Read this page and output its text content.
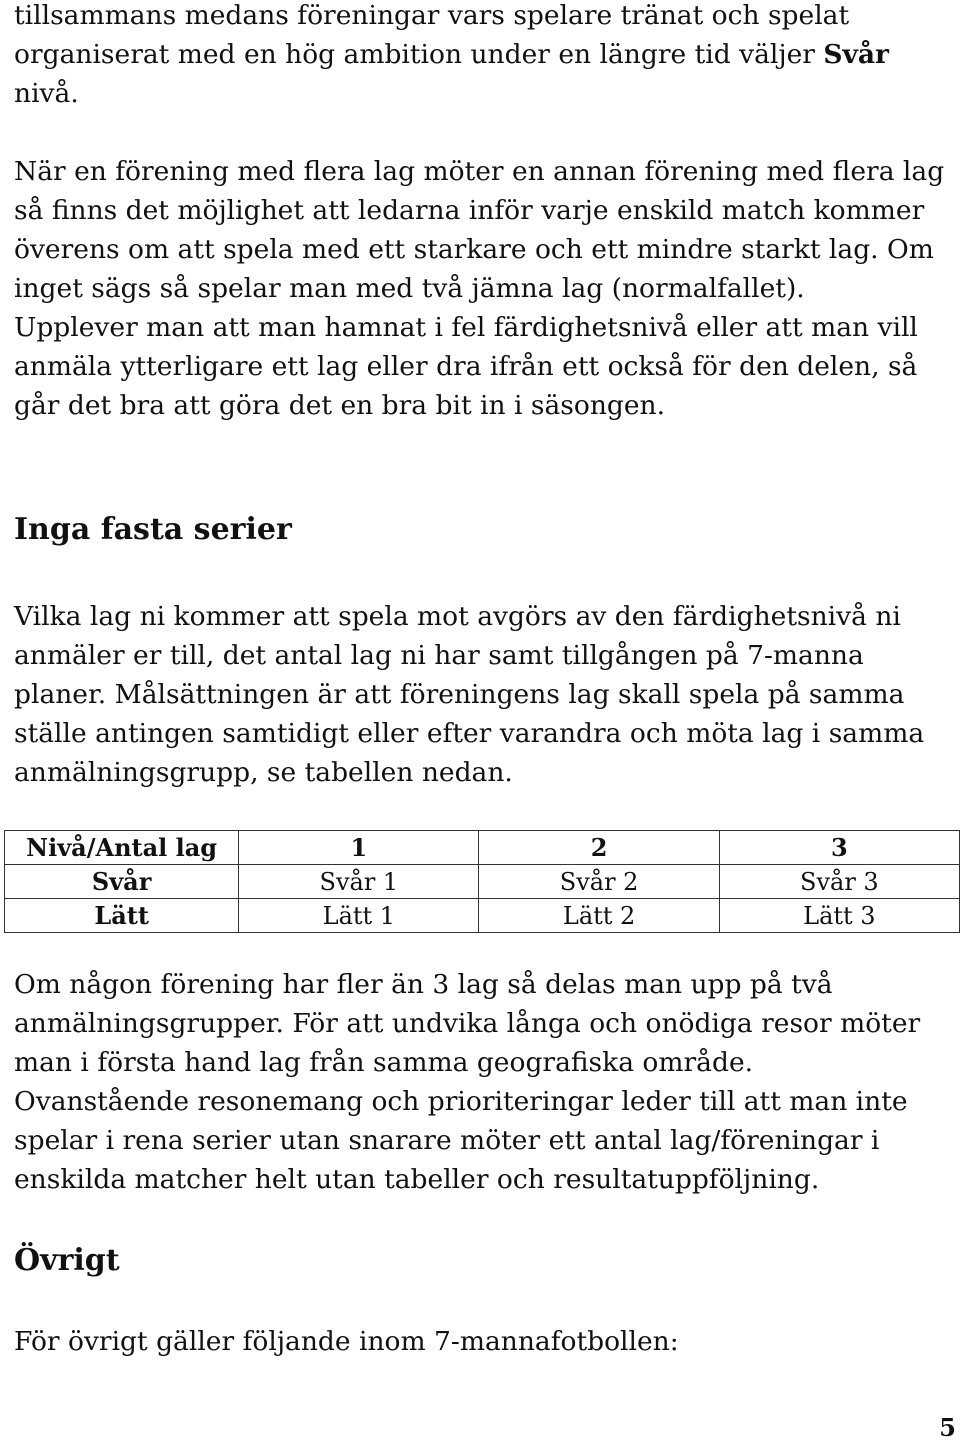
tillsammans medans föreningar vars spelare tränat och spelat organiserat med en hög ambition under en längre tid väljer Svår nivå.

När en förening med flera lag möter en annan förening med flera lag så finns det möjlighet att ledarna inför varje enskild match kommer överens om att spela med ett starkare och ett mindre starkt lag. Om inget sägs så spelar man med två jämna lag (normalfallet).
Upplever man att man hamnat i fel färdighetsnivå eller att man vill anmäla ytterligare ett lag eller dra ifrån ett också för den delen, så går det bra att göra det en bra bit in i säsongen.

Inga fasta serier

Vilka lag ni kommer att spela mot avgörs av den färdighetsnivå ni anmäler er till, det antal lag ni har samt tillgången på 7-manna planer. Målsättningen är att föreningens lag skall spela på samma ställe antingen samtidigt eller efter varandra och möta lag i samma anmälningsgrupp, se tabellen nedan.

Nivå/Antal lag	1	2	3
Svår	Svår 1	Svår 2	Svår 3
Lätt	Lätt 1	Lätt 2	Lätt 3

Om någon förening har fler än 3 lag så delas man upp på två anmälningsgrupper. För att undvika långa och onödiga resor möter man i första hand lag från samma geografiska område. Ovanstående resonemang och prioriteringar leder till att man inte spelar i rena serier utan snarare möter ett antal lag/föreningar i enskilda matcher helt utan tabeller och resultatuppföljning.

Övrigt

För övrigt gäller följande inom 7-mannafotbollen:

5
